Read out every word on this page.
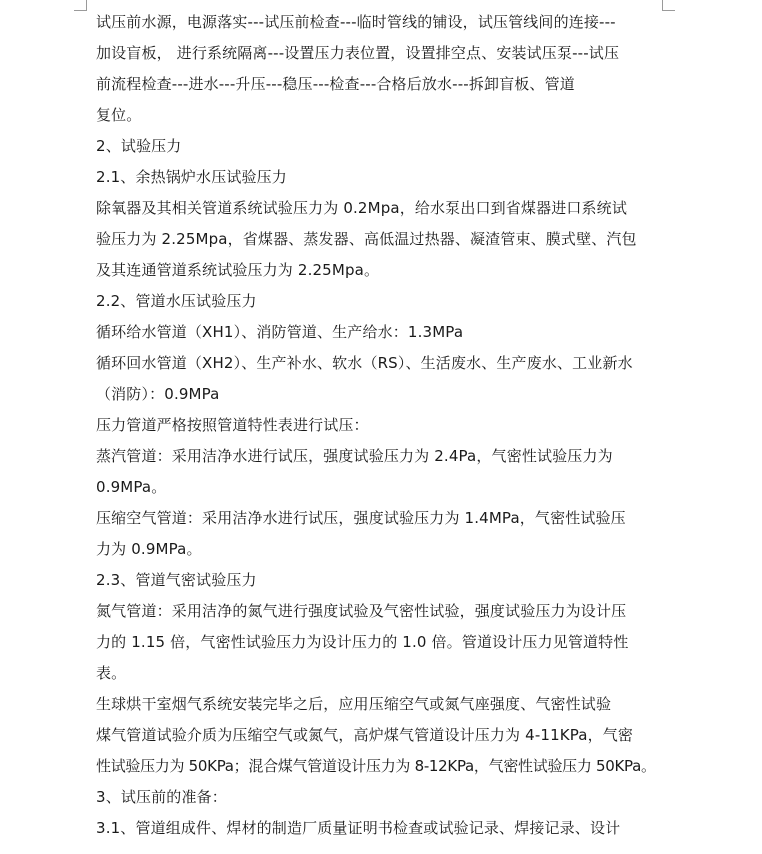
试压前水源，电源落实---试压前检查---临时管线的铺设，试压管线间的连接---
加设盲板， 进行系统隔离---设置压力表位置，设置排空点、安装试压泵---试压
前流程检查---进水---升压---稳压---检查---合格后放水---拆卸盲板、管道
复位。
2、试验压力
2.1、余热锅炉水压试验压力
除氧器及其相关管道系统试验压力为 0.2Mpa，给水泵出口到省煤器进口系统试
验压力为 2.25Mpa，省煤器、蒸发器、高低温过热器、凝渣管束、膜式壁、汽包
及其连通管道系统试验压力为 2.25Mpa。
2.2、管道水压试验压力
循环给水管道（XH1）、消防管道、生产给水：1.3MPa
循环回水管道（XH2）、生产补水、软水（RS）、生活废水、生产废水、工业新水
（消防）：0.9MPa
压力管道严格按照管道特性表进行试压：
蒸汽管道：采用洁净水进行试压，强度试验压力为 2.4Pa，气密性试验压力为
0.9MPa。
压缩空气管道：采用洁净水进行试压，强度试验压力为 1.4MPa，气密性试验压
力为 0.9MPa。
2.3、管道气密试验压力
氮气管道：采用洁净的氮气进行强度试验及气密性试验，强度试验压力为设计压
力的 1.15 倍，气密性试验压力为设计压力的 1.0 倍。管道设计压力见管道特性
表。
生球烘干室烟气系统安装完毕之后，应用压缩空气或氮气座强度、气密性试验
煤气管道试验介质为压缩空气或氮气，高炉煤气管道设计压力为 4-11KPa，气密
性试验压力为 50KPa；混合煤气管道设计压力为 8-12KPa，气密性试验压力 50KPa。
3、试压前的准备：
3.1、管道组成件、焊材的制造厂质量证明书检查或试验记录、焊接记录、设计
